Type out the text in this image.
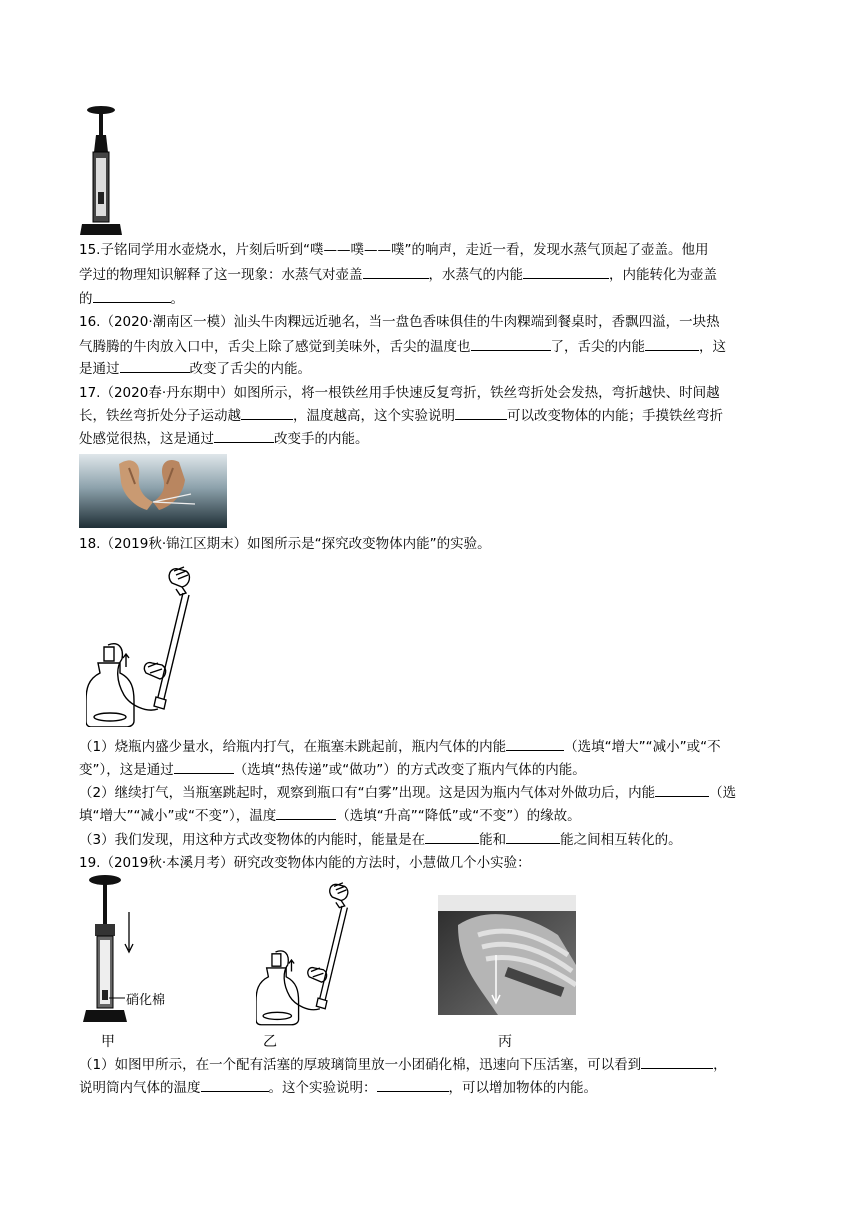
15.子铭同学用水壶烧水，片刻后听到“噗——噗——噗”的响声，走近一看，发现水蒸气顶起了壶盖。他用
学过的物理知识解释了这一现象：水蒸气对壶盖	，水蒸气的内能	，内能转化为壶盖
的	。
16.（2020·潮南区一模）汕头牛肉粿远近驰名，当一盘色香味俱佳的牛肉粿端到餐桌时，香飘四溢，一块热
气腾腾的牛肉放入口中，舌尖上除了感觉到美味外，舌尖的温度也	了，舌尖的内能	，这
是通过	改变了舌尖的内能。
17.（2020春·丹东期中）如图所示，将一根铁丝用手快速反复弯折，铁丝弯折处会发热，弯折越快、时间越
长，铁丝弯折处分子运动越	，温度越高，这个实验说明	可以改变物体的内能；手摸铁丝弯折
处感觉很热，这是通过	改变手的内能。
18.（2019秋·锦江区期末）如图所示是“探究改变物体内能”的实验。
（1）烧瓶内盛少量水，给瓶内打气，在瓶塞未跳起前，瓶内气体的内能	（选填“增大”“减小”或“不
变”），这是通过	（选填“热传递”或“做功”）的方式改变了瓶内气体的内能。
（2）继续打气，当瓶塞跳起时，观察到瓶口有“白雾”出现。这是因为瓶内气体对外做功后，内能	（选
填“增大”“减小”或“不变”），温度	（选填“升高”“降低”或“不变”）的缘故。
（3）我们发现，用这种方式改变物体的内能时，能量是在	能和	能之间相互转化的。
19.（2019秋·本溪月考）研究改变物体内能的方法时，小慧做几个小实验：
硝化棉
甲	乙	丙
（1）如图甲所示，在一个配有活塞的厚玻璃筒里放一小团硝化棉，迅速向下压活塞，可以看到	，
说明筒内气体的温度	。这个实验说明：	，可以增加物体的内能。
